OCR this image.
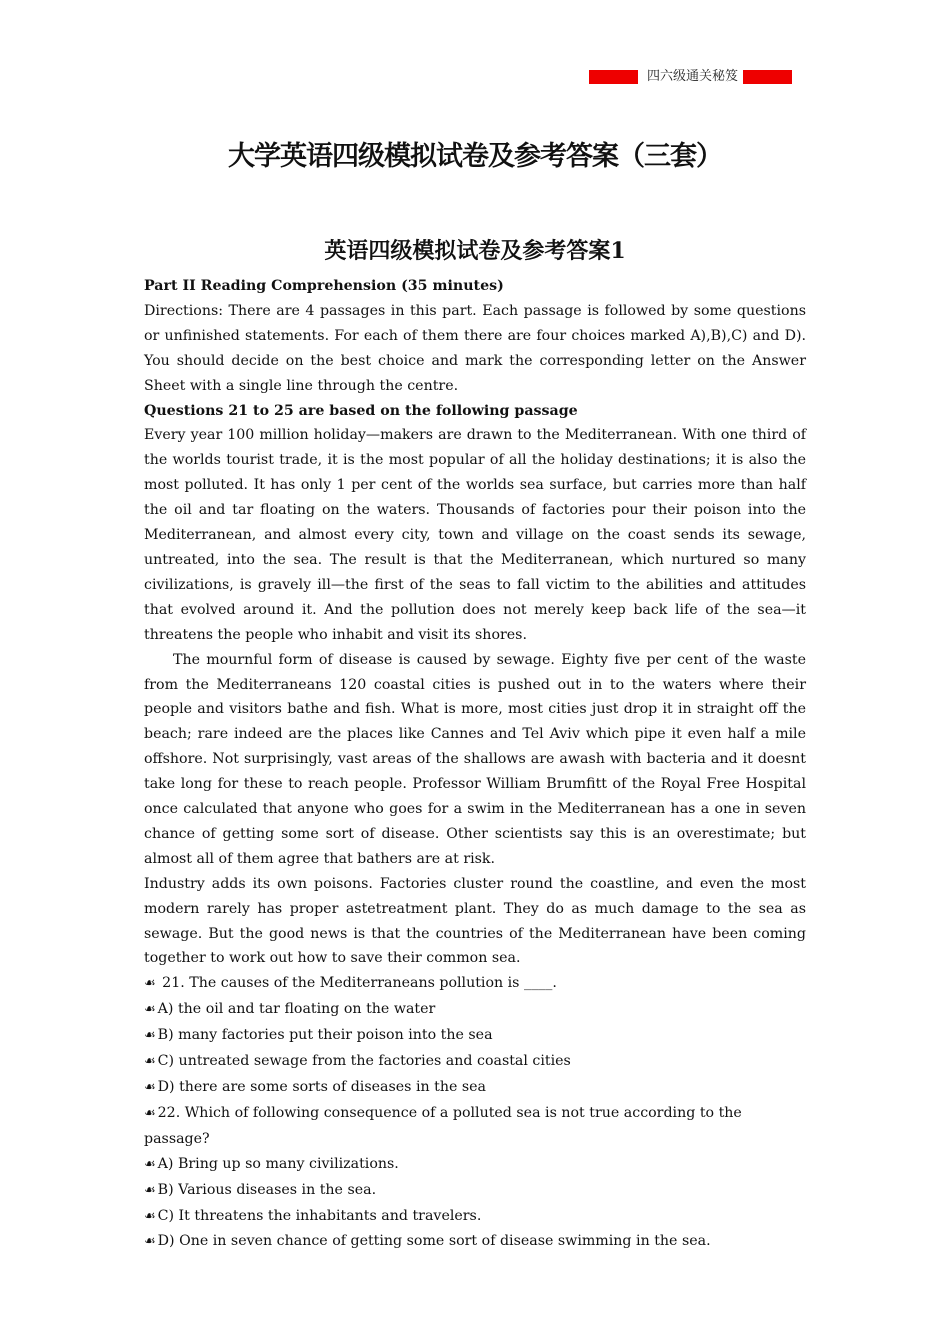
四六级通关秘笈
大学英语四级模拟试卷及参考答案（三套）
英语四级模拟试卷及参考答案1

Part II Reading Comprehension (35 minutes)

Directions: There are 4 passages in this part. Each passage is followed by some questions or unfinished statements. For each of them there are four choices marked A),B),C) and D). You should decide on the best choice and mark the corresponding letter on the Answer Sheet with a single line through the centre.

Questions 21 to 25 are based on the following passage

Every year 100 million holiday—makers are drawn to the Mediterranean. With one third of the worlds tourist trade, it is the most popular of all the holiday destinations; it is also the most polluted. It has only 1 per cent of the worlds sea surface, but carries more than half the oil and tar floating on the waters. Thousands of factories pour their poison into the Mediterranean, and almost every city, town and village on the coast sends its sewage, untreated, into the sea. The result is that the Mediterranean, which nurtured so many civilizations, is gravely ill—the first of the seas to fall victim to the abilities and attitudes that evolved around it. And the pollution does not merely keep back life of the sea—it threatens the people who inhabit and visit its shores.

The mournful form of disease is caused by sewage. Eighty five per cent of the waste from the Mediterraneans 120 coastal cities is pushed out in to the waters where their people and visitors bathe and fish. What is more, most cities just drop it in straight off the beach; rare indeed are the places like Cannes and Tel Aviv which pipe it even half a mile offshore. Not surprisingly, vast areas of the shallows are awash with bacteria and it doesnt take long for these to reach people. Professor William Brumfitt of the Royal Free Hospital once calculated that anyone who goes for a swim in the Mediterranean has a one in seven chance of getting some sort of disease. Other scientists say this is an overestimate; but almost all of them agree that bathers are at risk.

Industry adds its own poisons. Factories cluster round the coastline, and even the most modern rarely has proper astetreatment plant. They do as much damage to the sea as sewage. But the good news is that the countries of the Mediterranean have been coming together to work out how to save their common sea.

☙ 21. The causes of the Mediterraneans pollution is ____.

☙ A) the oil and tar floating on the water

☙ B) many factories put their poison into the sea

☙ C) untreated sewage from the factories and coastal cities

☙ D) there are some sorts of diseases in the sea

☙ 22. Which of following consequence of a polluted sea is not true according to the passage?

☙ A) Bring up so many civilizations.

☙ B) Various diseases in the sea.

☙ C) It threatens the inhabitants and travelers.

☙ D) One in seven chance of getting some sort of disease swimming in the sea.
